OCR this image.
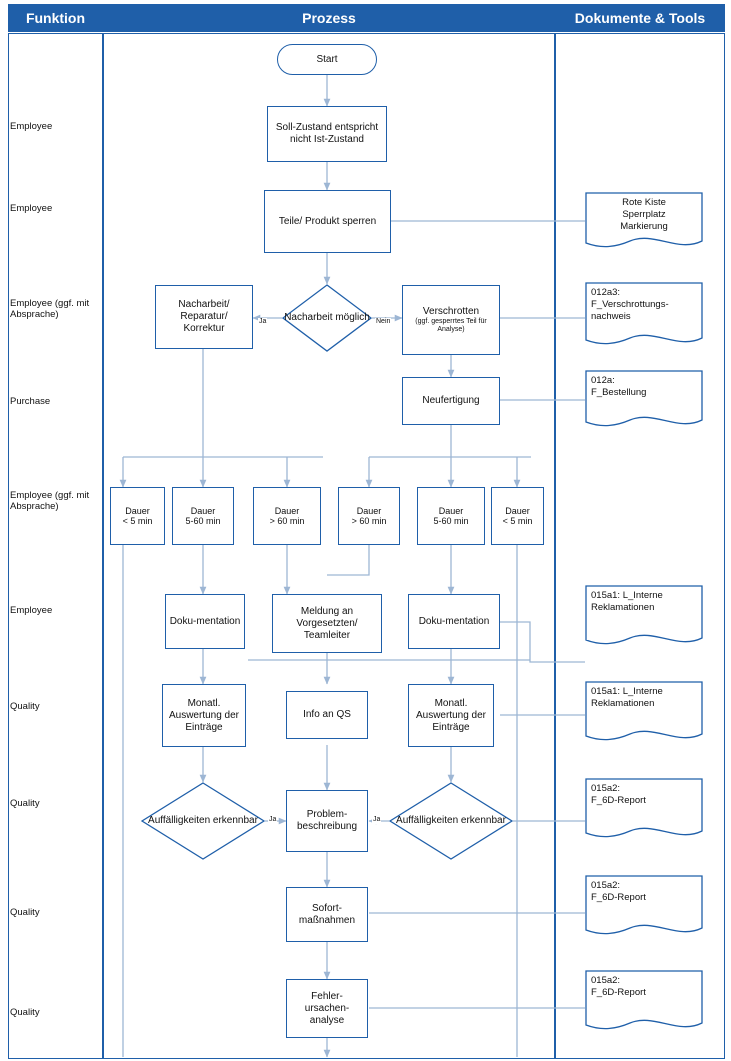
Funktion	Prozess	Dokumente & Tools
Employee
Employee
Employee (ggf. mit Absprache)
Purchase
Employee (ggf. mit Absprache)
Employee
Quality
Quality
Quality
Quality
Start
Soll-Zustand entspricht nicht Ist-Zustand
Teile/ Produkt sperren
Nacharbeit möglich
Ja	Nein
Nacharbeit/ Reparatur/ Korrektur
Verschrotten
(ggf. gesperrtes Teil für Analyse)
Neufertigung
Dauer
< 5 min
Dauer
5-60 min
Dauer
> 60 min
Dauer
> 60 min
Dauer
5-60 min
Dauer
< 5 min
Doku-mentation
Meldung an Vorgesetzten/ Teamleiter
Doku-mentation
Monatl. Auswertung der Einträge
Info an QS
Monatl. Auswertung der Einträge
Auffälligkeiten erkennbar	Ja	Problem-beschreibung
Auffälligkeiten erkennbar
Ja
Sofort-maßnahmen
Fehler-ursachen-analyse
Rote Kiste
Sperrplatz
Markierung
012a3:
F_Verschrottungs-
nachweis
012a:
F_Bestellung
015a1: L_Interne
Reklamationen
015a1: L_Interne
Reklamationen
015a2:
F_6D-Report
015a2:
F_6D-Report
015a2:
F_6D-Report
